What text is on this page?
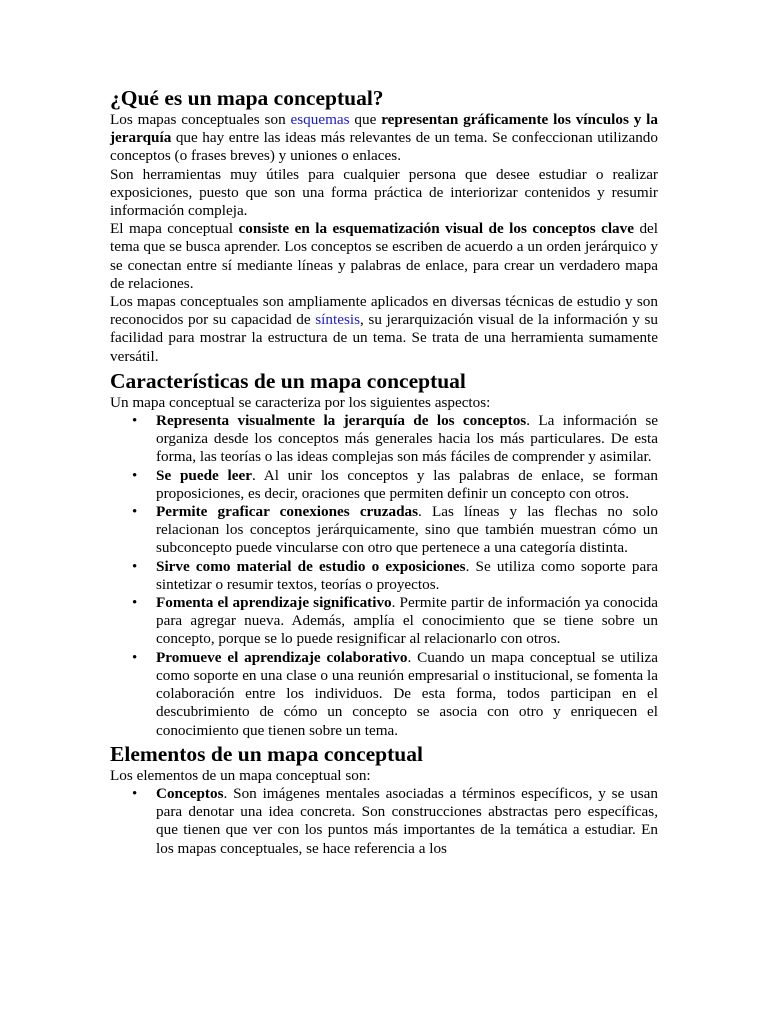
¿Qué es un mapa conceptual?

Los mapas conceptuales son esquemas que representan gráficamente los vínculos y la jerarquía que hay entre las ideas más relevantes de un tema. Se confeccionan utilizando conceptos (o frases breves) y uniones o enlaces.

Son herramientas muy útiles para cualquier persona que desee estudiar o realizar exposiciones, puesto que son una forma práctica de interiorizar contenidos y resumir información compleja.

El mapa conceptual consiste en la esquematización visual de los conceptos clave del tema que se busca aprender. Los conceptos se escriben de acuerdo a un orden jerárquico y se conectan entre sí mediante líneas y palabras de enlace, para crear un verdadero mapa de relaciones.

Los mapas conceptuales son ampliamente aplicados en diversas técnicas de estudio y son reconocidos por su capacidad de síntesis, su jerarquización visual de la información y su facilidad para mostrar la estructura de un tema. Se trata de una herramienta sumamente versátil.

Características de un mapa conceptual

Un mapa conceptual se caracteriza por los siguientes aspectos:

• Representa visualmente la jerarquía de los conceptos. La información se organiza desde los conceptos más generales hacia los más particulares. De esta forma, las teorías o las ideas complejas son más fáciles de comprender y asimilar.
• Se puede leer. Al unir los conceptos y las palabras de enlace, se forman proposiciones, es decir, oraciones que permiten definir un concepto con otros.
• Permite graficar conexiones cruzadas. Las líneas y las flechas no solo relacionan los conceptos jerárquicamente, sino que también muestran cómo un subconcepto puede vincularse con otro que pertenece a una categoría distinta.
• Sirve como material de estudio o exposiciones. Se utiliza como soporte para sintetizar o resumir textos, teorías o proyectos.
• Fomenta el aprendizaje significativo. Permite partir de información ya conocida para agregar nueva. Además, amplía el conocimiento que se tiene sobre un concepto, porque se lo puede resignificar al relacionarlo con otros.
• Promueve el aprendizaje colaborativo. Cuando un mapa conceptual se utiliza como soporte en una clase o una reunión empresarial o institucional, se fomenta la colaboración entre los individuos. De esta forma, todos participan en el descubrimiento de cómo un concepto se asocia con otro y enriquecen el conocimiento que tienen sobre un tema.
Elementos de un mapa conceptual

Los elementos de un mapa conceptual son:

• Conceptos. Son imágenes mentales asociadas a términos específicos, y se usan para denotar una idea concreta. Son construcciones abstractas pero específicas, que tienen que ver con los puntos más importantes de la temática a estudiar. En los mapas conceptuales, se hace referencia a los
